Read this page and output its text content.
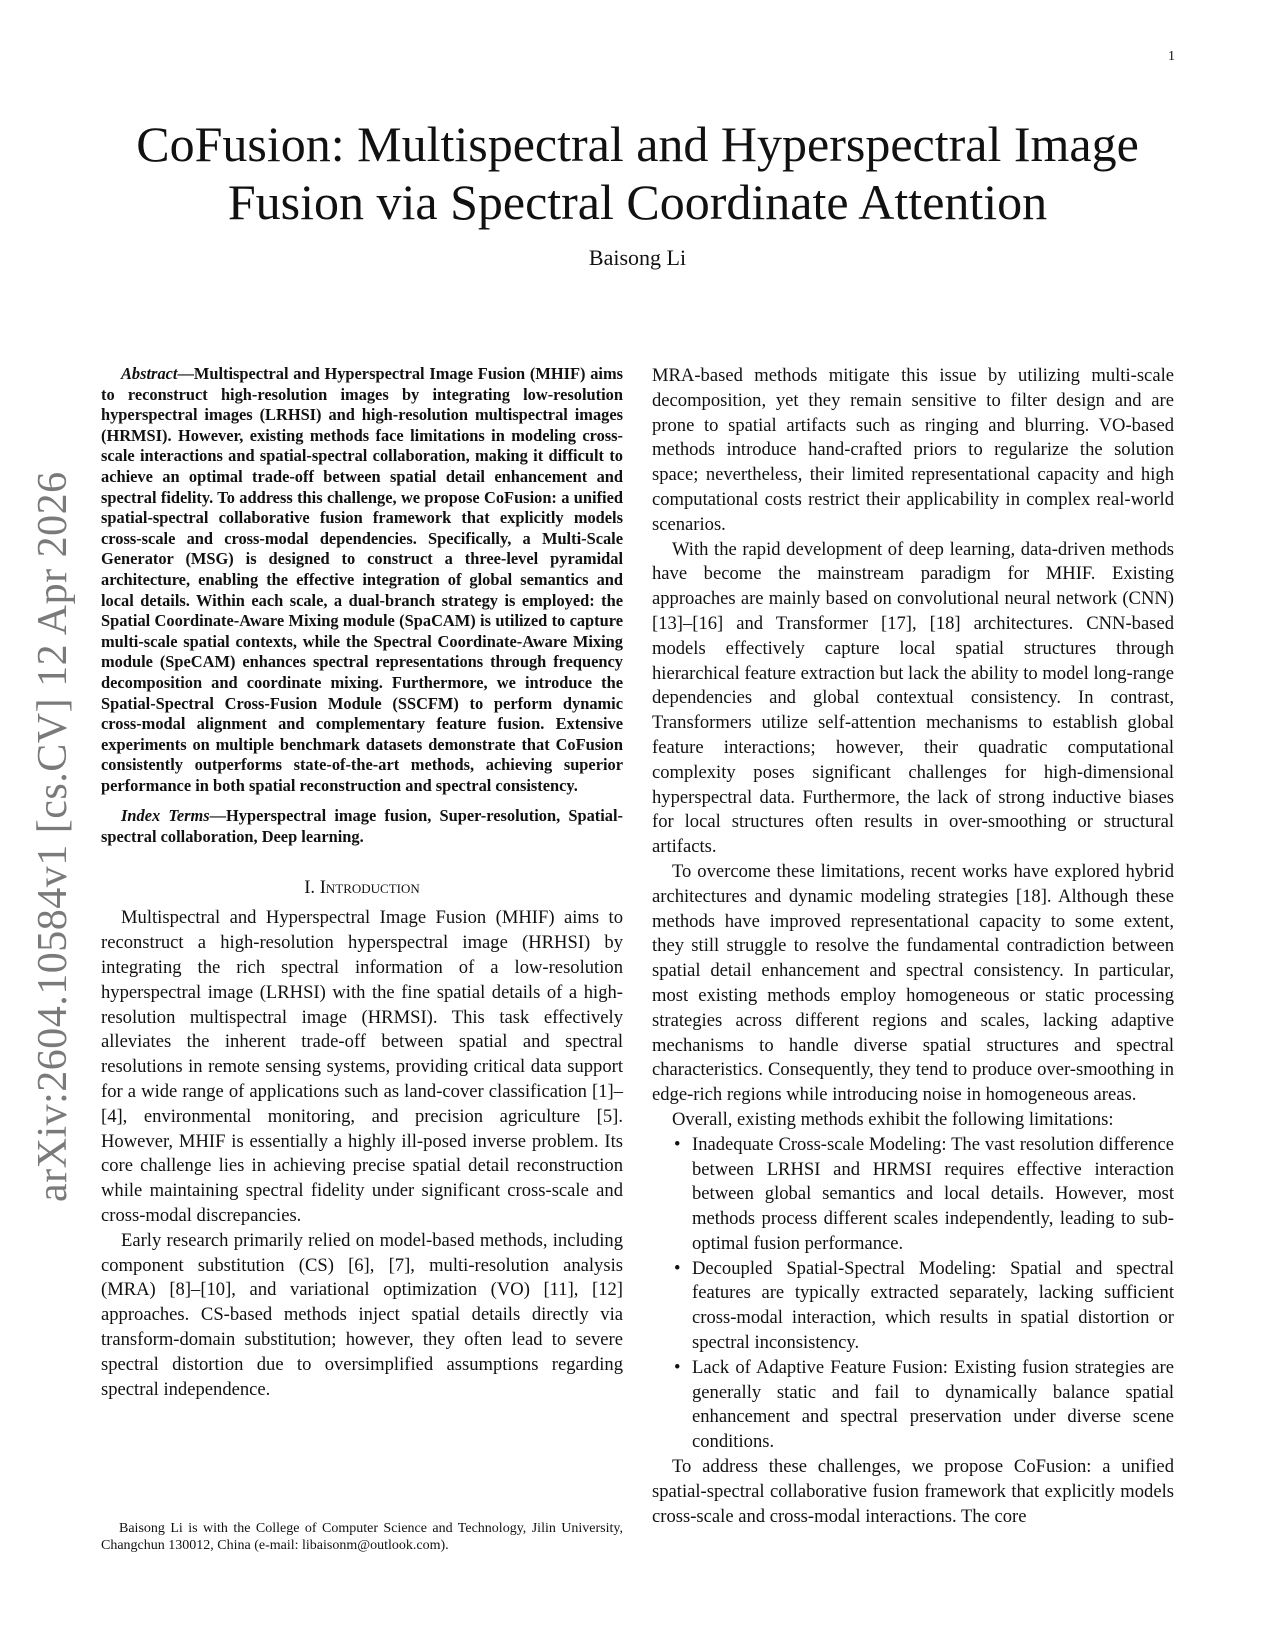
1
arXiv:2604.10584v1 [cs.CV] 12 Apr 2026
CoFusion: Multispectral and Hyperspectral Image Fusion via Spectral Coordinate Attention
Baisong Li

Abstract—Multispectral and Hyperspectral Image Fusion (MHIF) aims to reconstruct high-resolution images by integrating low-resolution hyperspectral images (LRHSI) and high-resolution multispectral images (HRMSI). However, existing methods face limitations in modeling cross-scale interactions and spatial-spectral collaboration, making it difficult to achieve an optimal trade-off between spatial detail enhancement and spectral fidelity. To address this challenge, we propose CoFusion: a unified spatial-spectral collaborative fusion framework that explicitly models cross-scale and cross-modal dependencies. Specifically, a Multi-Scale Generator (MSG) is designed to construct a three-level pyramidal architecture, enabling the effective integration of global semantics and local details. Within each scale, a dual-branch strategy is employed: the Spatial Coordinate-Aware Mixing module (SpaCAM) is utilized to capture multi-scale spatial contexts, while the Spectral Coordinate-Aware Mixing module (SpeCAM) enhances spectral representations through frequency decomposition and coordinate mixing. Furthermore, we introduce the Spatial-Spectral Cross-Fusion Module (SSCFM) to perform dynamic cross-modal alignment and complementary feature fusion. Extensive experiments on multiple benchmark datasets demonstrate that CoFusion consistently outperforms state-of-the-art methods, achieving superior performance in both spatial reconstruction and spectral consistency.

Index Terms—Hyperspectral image fusion, Super-resolution, Spatial-spectral collaboration, Deep learning.

I. Introduction

Multispectral and Hyperspectral Image Fusion (MHIF) aims to reconstruct a high-resolution hyperspectral image (HRHSI) by integrating the rich spectral information of a low-resolution hyperspectral image (LRHSI) with the fine spatial details of a high-resolution multispectral image (HRMSI). This task effectively alleviates the inherent trade-off between spatial and spectral resolutions in remote sensing systems, providing critical data support for a wide range of applications such as land-cover classification [1]–[4], environmental monitoring, and precision agriculture [5]. However, MHIF is essentially a highly ill-posed inverse problem. Its core challenge lies in achieving precise spatial detail reconstruction while maintaining spectral fidelity under significant cross-scale and cross-modal discrepancies.

Early research primarily relied on model-based methods, including component substitution (CS) [6], [7], multi-resolution analysis (MRA) [8]–[10], and variational optimization (VO) [11], [12] approaches. CS-based methods inject spatial details directly via transform-domain substitution; however, they often lead to severe spectral distortion due to oversimplified assumptions regarding spectral independence.

MRA-based methods mitigate this issue by utilizing multi-scale decomposition, yet they remain sensitive to filter design and are prone to spatial artifacts such as ringing and blurring. VO-based methods introduce hand-crafted priors to regularize the solution space; nevertheless, their limited representational capacity and high computational costs restrict their applicability in complex real-world scenarios.

With the rapid development of deep learning, data-driven methods have become the mainstream paradigm for MHIF. Existing approaches are mainly based on convolutional neural network (CNN) [13]–[16] and Transformer [17], [18] architectures. CNN-based models effectively capture local spatial structures through hierarchical feature extraction but lack the ability to model long-range dependencies and global contextual consistency. In contrast, Transformers utilize self-attention mechanisms to establish global feature interactions; however, their quadratic computational complexity poses significant challenges for high-dimensional hyperspectral data. Furthermore, the lack of strong inductive biases for local structures often results in over-smoothing or structural artifacts.

To overcome these limitations, recent works have explored hybrid architectures and dynamic modeling strategies [18]. Although these methods have improved representational capacity to some extent, they still struggle to resolve the fundamental contradiction between spatial detail enhancement and spectral consistency. In particular, most existing methods employ homogeneous or static processing strategies across different regions and scales, lacking adaptive mechanisms to handle diverse spatial structures and spectral characteristics. Consequently, they tend to produce over-smoothing in edge-rich regions while introducing noise in homogeneous areas.

Overall, existing methods exhibit the following limitations:

• Inadequate Cross-scale Modeling: The vast resolution difference between LRHSI and HRMSI requires effective interaction between global semantics and local details. However, most methods process different scales independently, leading to sub-optimal fusion performance.
• Decoupled Spatial-Spectral Modeling: Spatial and spectral features are typically extracted separately, lacking sufficient cross-modal interaction, which results in spatial distortion or spectral inconsistency.
• Lack of Adaptive Feature Fusion: Existing fusion strategies are generally static and fail to dynamically balance spatial enhancement and spectral preservation under diverse scene conditions.

To address these challenges, we propose CoFusion: a unified spatial-spectral collaborative fusion framework that explicitly models cross-scale and cross-modal interactions. The core

Baisong Li is with the College of Computer Science and Technology, Jilin University, Changchun 130012, China (e-mail: libaisonm@outlook.com).
